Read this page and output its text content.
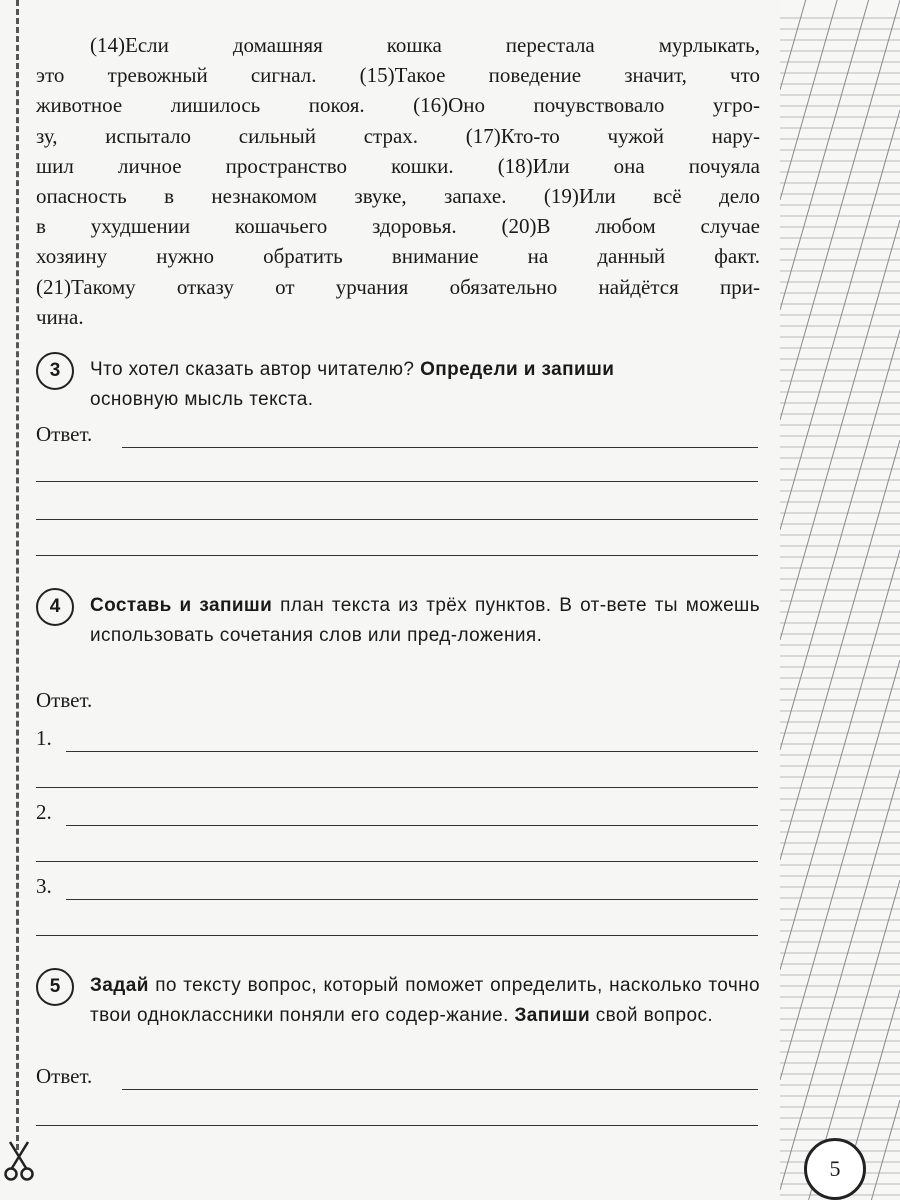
(14)Если домашняя кошка перестала мурлыкать,

это тревожный сигнал. (15)Такое поведение значит, что

животное лишилось покоя. (16)Оно почувствовало угро-

зу, испытало сильный страх. (17)Кто-то чужой нару-

шил личное пространство кошки. (18)Или она почуяла

опасность в незнакомом звуке, запахе. (19)Или всё дело

в ухудшении кошачьего здоровья. (20)В любом случае

хозяину нужно обратить внимание на данный факт.

(21)Такому отказу от урчания обязательно найдётся при-

чина.

3	Что хотел сказать автор читателю? Определи и запиши
основную мысль текста.
Ответ.
4	Составь и запиши план текста из трёх пунктов. В от-вете ты можешь использовать сочетания слов или пред-ложения.
Ответ.
1.
2.
3.
5	Задай по тексту вопрос, который поможет определить, насколько точно твои одноклассники поняли его содер-жание. Запиши свой вопрос.
Ответ.
5
